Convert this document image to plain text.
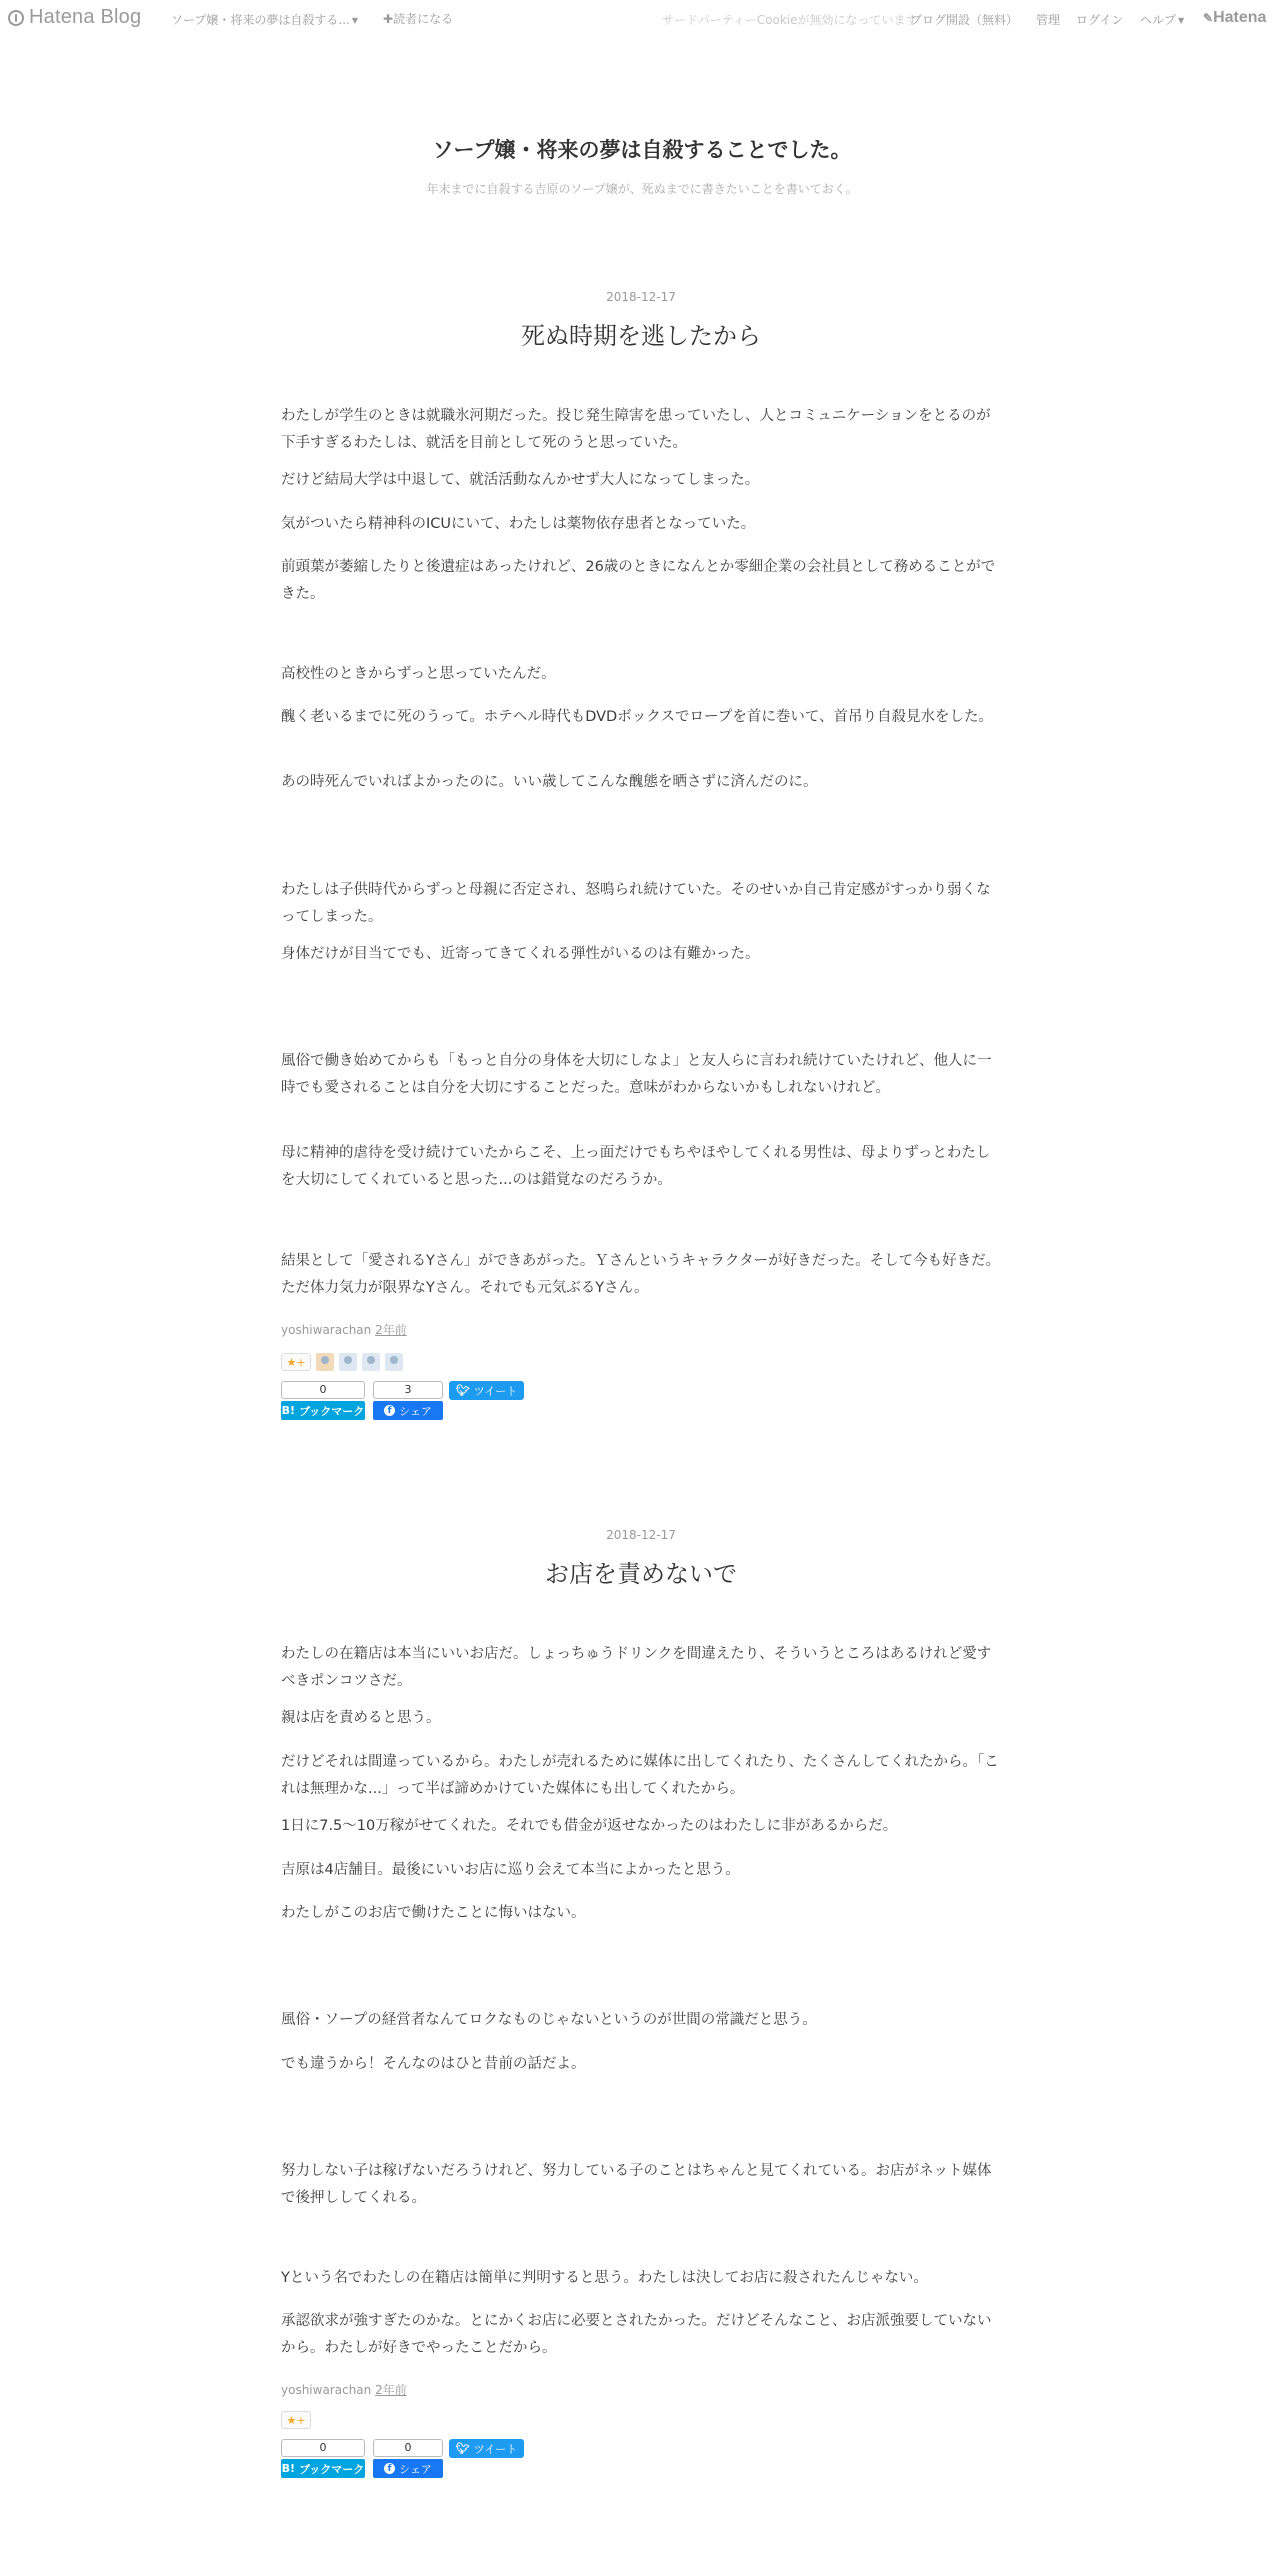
Hatena Blog ソープ嬢・将来の夢は自殺する... ▼ ✚読者になる	サードパーティーCookieが無効になっています
ブログ開設（無料） 管理 ログイン ヘルプ ▼ ✎Hatena
ソープ嬢・将来の夢は自殺することでした。
年末までに自殺する吉原のソープ嬢が、死ぬまでに書きたいことを書いておく。
2018-12-17
死ぬ時期を逃したから
わたしが学生のときは就職氷河期だった。投じ発生障害を患っていたし、人とコミュニケーションをとるのが下手すぎるわたしは、就活を目前として死のうと思っていた。
だけど結局大学は中退して、就活活動なんかせず大人になってしまった。
気がついたら精神科のICUにいて、わたしは薬物依存患者となっていた。
前頭葉が萎縮したりと後遺症はあったけれど、26歳のときになんとか零細企業の会社員として務めることができた。
高校性のときからずっと思っていたんだ。
醜く老いるまでに死のうって。ホテヘル時代もDVDボックスでロープを首に巻いて、首吊り自殺見水をした。
あの時死んでいればよかったのに。いい歳してこんな醜態を晒さずに済んだのに。
わたしは子供時代からずっと母親に否定され、怒鳴られ続けていた。そのせいか自己肯定感がすっかり弱くなってしまった。
身体だけが目当てでも、近寄ってきてくれる弾性がいるのは有難かった。
風俗で働き始めてからも「もっと自分の身体を大切にしなよ」と友人らに言われ続けていたけれど、他人に一時でも愛されることは自分を大切にすることだった。意味がわからないかもしれないけれど。
母に精神的虐待を受け続けていたからこそ、上っ面だけでもちやほやしてくれる男性は、母よりずっとわたしを大切にしてくれていると思った...のは錯覚なのだろうか。
結果として「愛されるYさん」ができあがった。Ｙさんというキャラクターが好きだった。そして今も好きだ。ただ体力気力が限界なYさん。それでも元気ぶるYさん。
yoshiwarachan 2年前
★+
0
B! ブックマーク
3
f シェア
🐦︎ ツイート
2018-12-17
お店を責めないで
わたしの在籍店は本当にいいお店だ。しょっちゅうドリンクを間違えたり、そういうところはあるけれど愛すべきポンコツさだ。
親は店を責めると思う。
だけどそれは間違っているから。わたしが売れるために媒体に出してくれたり、たくさんしてくれたから。「これは無理かな...」って半ば諦めかけていた媒体にも出してくれたから。
1日に7.5～10万稼がせてくれた。それでも借金が返せなかったのはわたしに非があるからだ。
吉原は4店舗目。最後にいいお店に巡り会えて本当によかったと思う。
わたしがこのお店で働けたことに悔いはない。
風俗・ソープの経営者なんてロクなものじゃないというのが世間の常識だと思う。
でも違うから！そんなのはひと昔前の話だよ。
努力しない子は稼げないだろうけれど、努力している子のことはちゃんと見てくれている。お店がネット媒体で後押ししてくれる。
Yという名でわたしの在籍店は簡単に判明すると思う。わたしは決してお店に殺されたんじゃない。
承認欲求が強すぎたのかな。とにかくお店に必要とされたかった。だけどそんなこと、お店派強要していないから。わたしが好きでやったことだから。
yoshiwarachan 2年前
★+
0
B! ブックマーク
0
f シェア
🐦︎ ツイート
